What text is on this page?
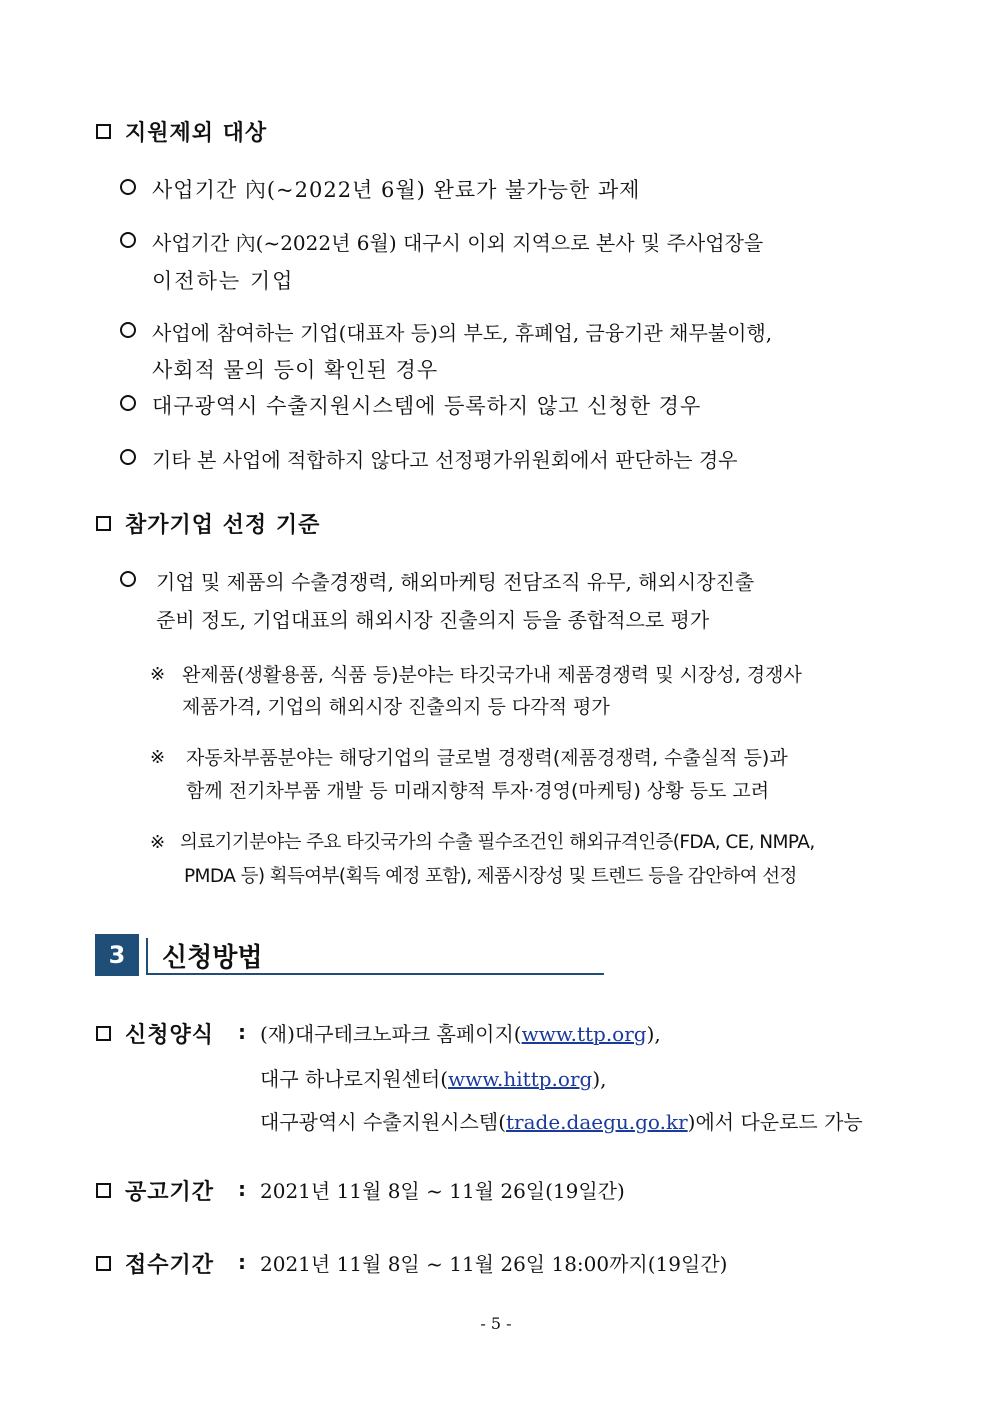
지원제외 대상
사업기간 內(~2022년 6월) 완료가 불가능한 과제
사업기간 內(~2022년 6월) 대구시 이외 지역으로 본사 및 주사업장을
이전하는 기업
사업에 참여하는 기업(대표자 등)의 부도, 휴폐업, 금융기관 채무불이행,
사회적 물의 등이 확인된 경우
대구광역시 수출지원시스템에 등록하지 않고 신청한 경우
기타 본 사업에 적합하지 않다고 선정평가위원회에서 판단하는 경우
참가기업 선정 기준
기업 및 제품의 수출경쟁력, 해외마케팅 전담조직 유무, 해외시장진출
준비 정도, 기업대표의 해외시장 진출의지 등을 종합적으로 평가
※ 완제품(생활용품, 식품 등)분야는 타깃국가내 제품경쟁력 및 시장성, 경쟁사
제품가격, 기업의 해외시장 진출의지 등 다각적 평가
※ 자동차부품분야는 해당기업의 글로벌 경쟁력(제품경쟁력, 수출실적 등)과
함께 전기차부품 개발 등 미래지향적 투자·경영(마케팅) 상황 등도 고려
※ 의료기기분야는 주요 타깃국가의 수출 필수조건인 해외규격인증(FDA, CE, NMPA,
PMDA 등) 획득여부(획득 예정 포함), 제품시장성 및 트렌드 등을 감안하여 선정
3	신청방법
신청양식 : (재)대구테크노파크 홈페이지(www.ttp.org),
대구 하나로지원센터(www.hittp.org),
대구광역시 수출지원시스템(trade.daegu.go.kr)에서 다운로드 가능
공고기간 : 2021년 11월 8일 ~ 11월 26일(19일간)
접수기간 : 2021년 11월 8일 ~ 11월 26일 18:00까지(19일간)
- 5 -
